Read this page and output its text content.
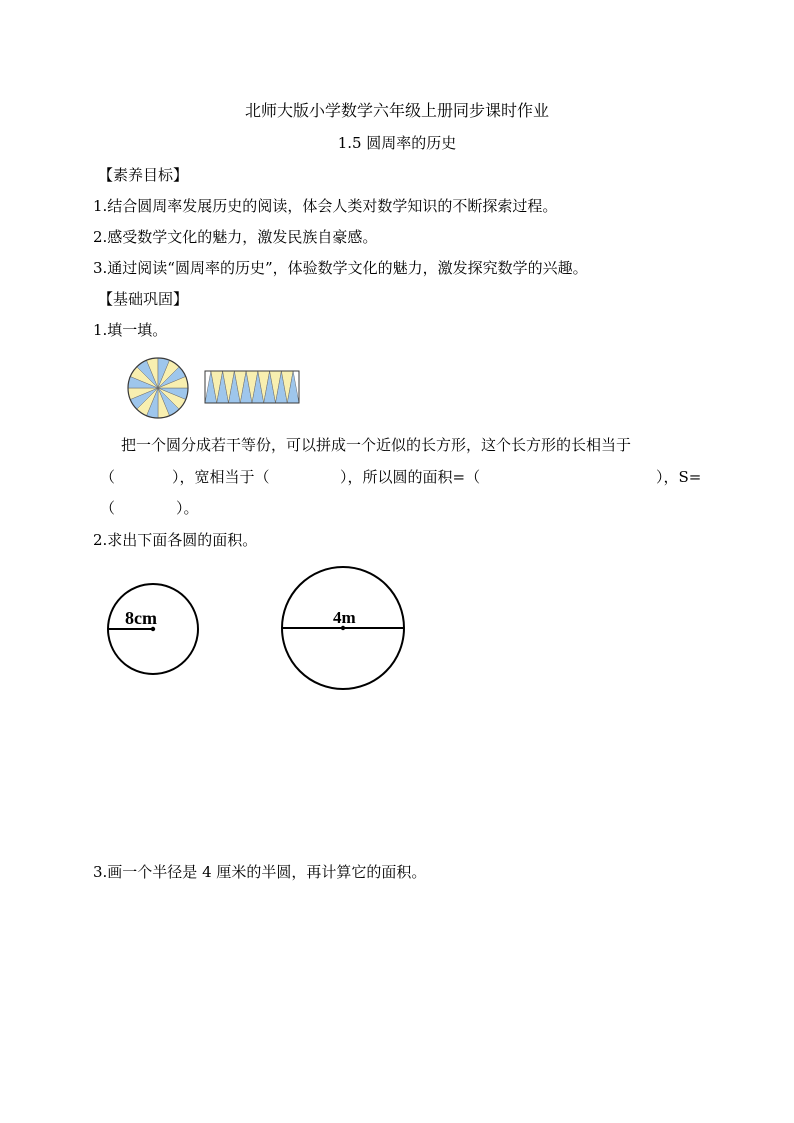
北师大版小学数学六年级上册同步课时作业
1.5 圆周率的历史
【素养目标】
1.结合圆周率发展历史的阅读，体会人类对数学知识的不断探索过程。
2.感受数学文化的魅力，激发民族自豪感。
3.通过阅读“圆周率的历史”，体验数学文化的魅力，激发探究数学的兴趣。
【基础巩固】
1.填一填。
把一个圆分成若干等份，可以拼成一个近似的长方形，这个长方形的长相当于
（	），宽相当于（	），所以圆的面积=（	），S=
（	）。
2.求出下面各圆的面积。
8cm	4m
3.画一个半径是 4 厘米的半圆，再计算它的面积。
